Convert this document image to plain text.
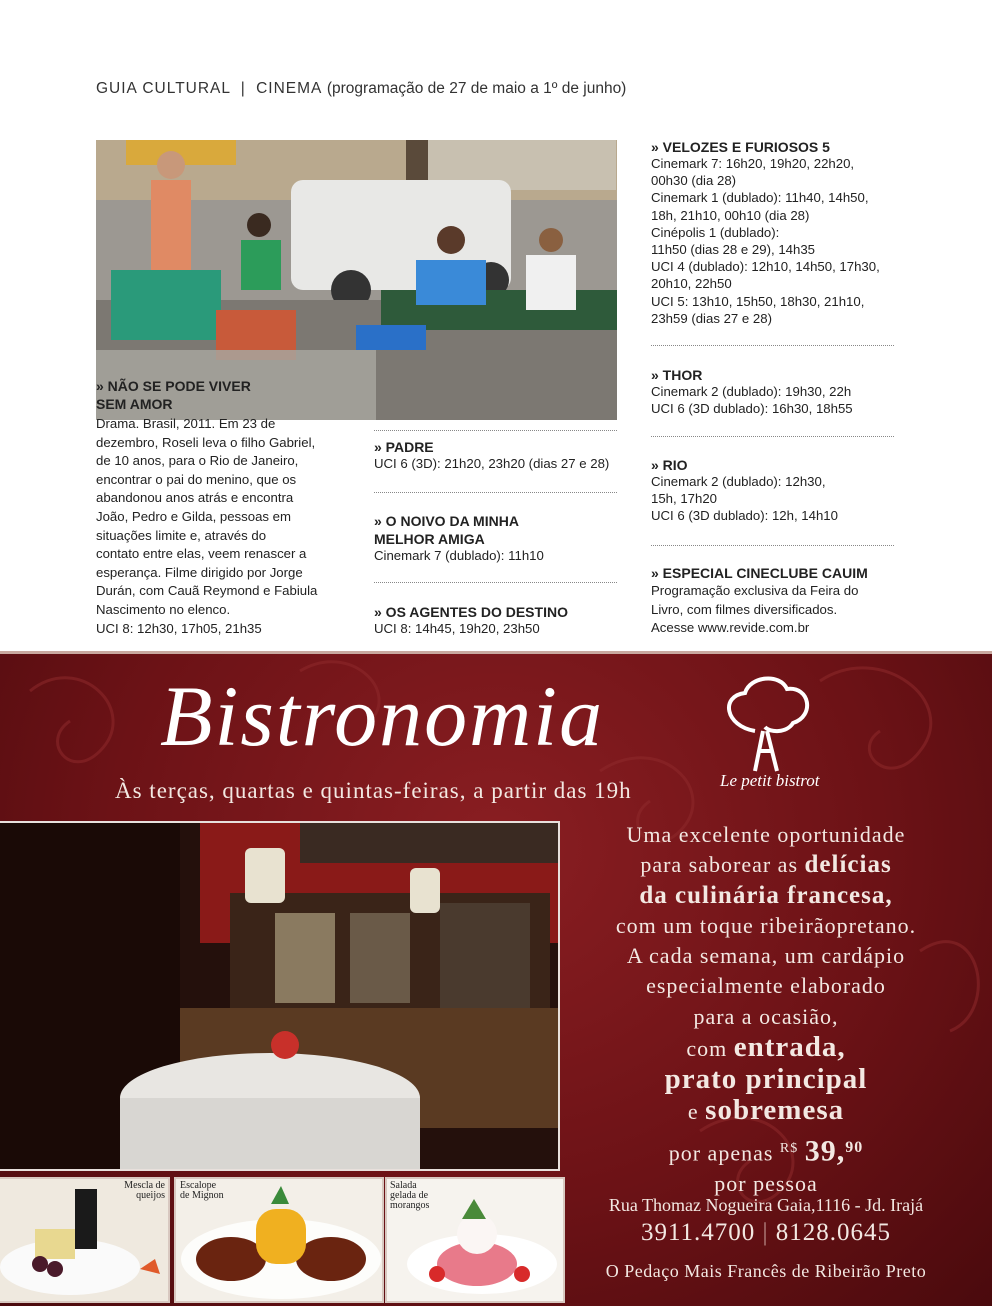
GUIA CULTURAL | CINEMA (programação de 27 de maio a 1º de junho)
» NÃO SE PODE VIVER
SEM AMOR
Drama. Brasil, 2011. Em 23 de
dezembro, Roseli leva o filho Gabriel,
de 10 anos, para o Rio de Janeiro,
encontrar o pai do menino, que os
abandonou anos atrás e encontra
João, Pedro e Gilda, pessoas em
situações limite e, através do
contato entre elas, veem renascer a
esperança. Filme dirigido por Jorge
Durán, com Cauã Reymond e Fabiula
Nascimento no elenco.
UCI 8: 12h30, 17h05, 21h35
» PADRE
UCI 6 (3D): 21h20, 23h20 (dias 27 e 28)
» O NOIVO DA MINHA
MELHOR AMIGA
Cinemark 7 (dublado): 11h10
» OS AGENTES DO DESTINO
UCI 8: 14h45, 19h20, 23h50
» VELOZES E FURIOSOS 5
Cinemark 7: 16h20, 19h20, 22h20,
00h30 (dia 28)
Cinemark 1 (dublado): 11h40, 14h50,
18h, 21h10, 00h10 (dia 28)
Cinépolis 1 (dublado):
11h50 (dias 28 e 29), 14h35
UCI 4 (dublado): 12h10, 14h50, 17h30,
20h10, 22h50
UCI 5: 13h10, 15h50, 18h30, 21h10,
23h59 (dias 27 e 28)
» THOR
Cinemark 2 (dublado): 19h30, 22h
UCI 6 (3D dublado): 16h30, 18h55
» RIO
Cinemark 2 (dublado): 12h30,
15h, 17h20
UCI 6 (3D dublado): 12h, 14h10
» ESPECIAL CINECLUBE CAUIM
Programação exclusiva da Feira do
Livro, com filmes diversificados.
Acesse www.revide.com.br
Bistronomia
Le petit bistrot
Às terças, quartas e quintas-feiras, a partir das 19h
Uma excelente oportunidade
para saborear as delícias
da culinária francesa,
com um toque ribeirãopretano.
A cada semana, um cardápio
especialmente elaborado
para a ocasião,
com entrada,
prato principal
e sobremesa
por apenas $^{R\$}$ 39,90
por pessoa
Rua Thomaz Nogueira Gaia,1116 - Jd. Irajá
3911.4700 | 8128.0645
O Pedaço Mais Francês de Ribeirão Preto
Mescla de
queijos
Escalope
de Mignon
Salada
gelada de
morangos
